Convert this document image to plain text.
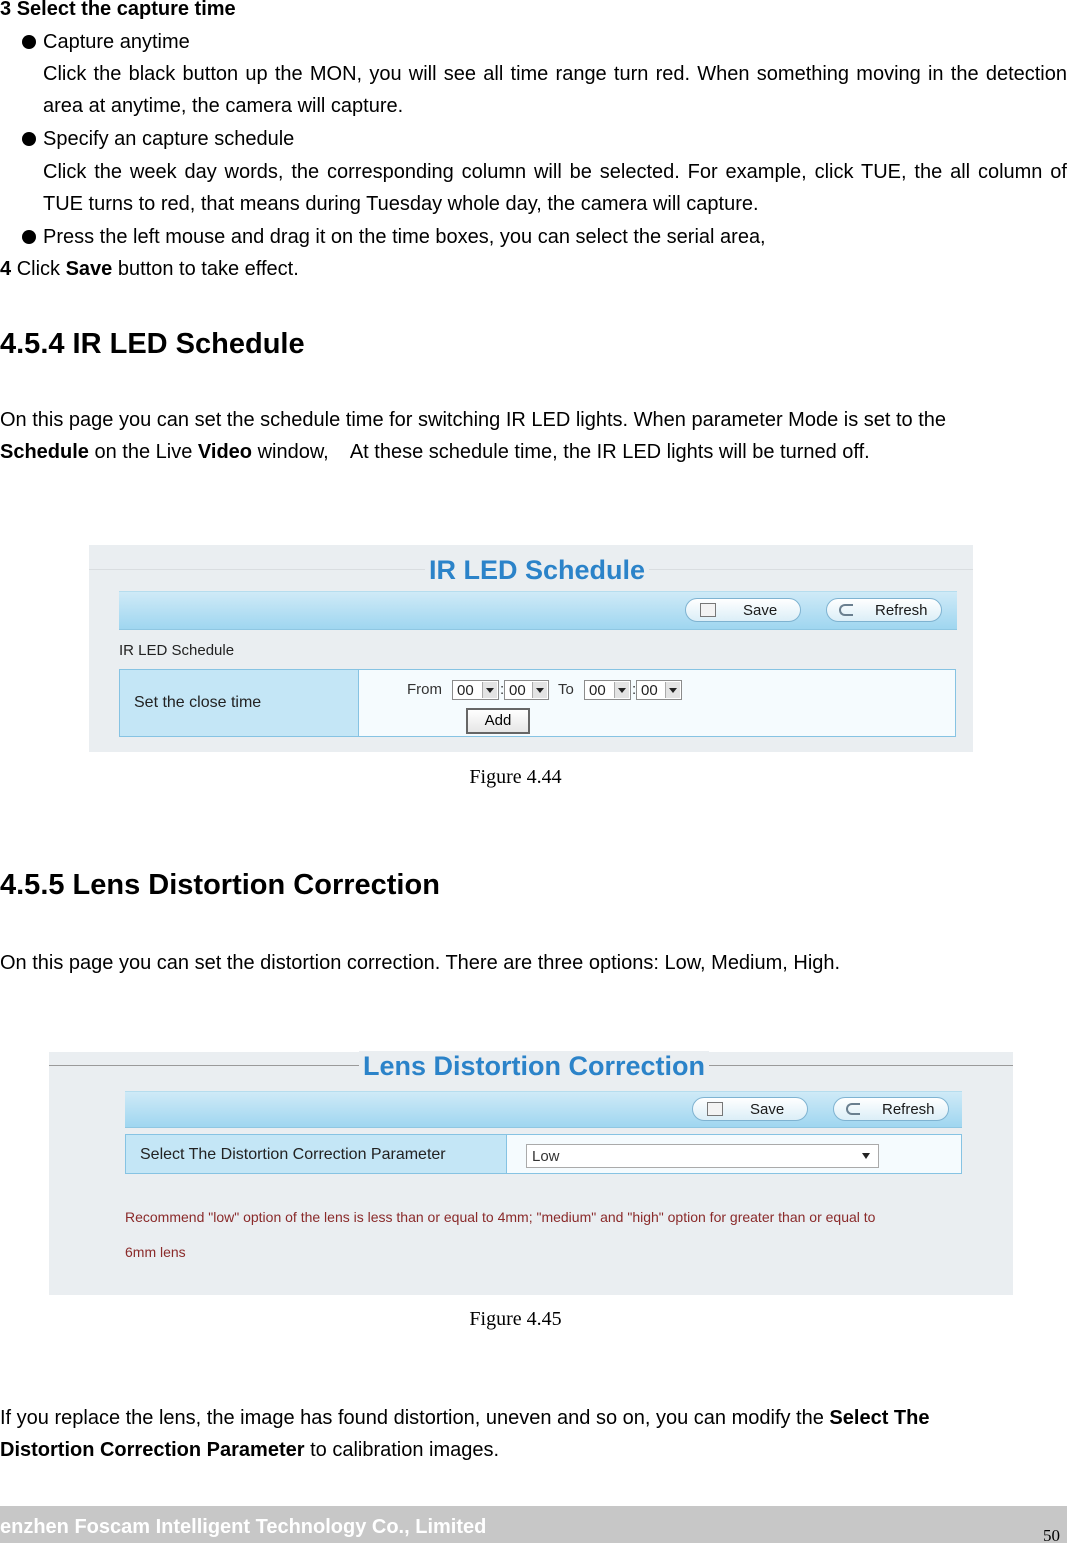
3 Select the capture time
Capture anytime
Click the black button up the MON, you will see all time range turn red. When something moving in the detection area at anytime, the camera will capture.
Specify an capture schedule
Click the week day words, the corresponding column will be selected. For example, click TUE, the all column of TUE turns to red, that means during Tuesday whole day, the camera will capture.
Press the left mouse and drag it on the time boxes, you can select the serial area,
4 Click Save button to take effect.
4.5.4 IR LED Schedule
On this page you can set the schedule time for switching IR LED lights. When parameter Mode is set to the
Schedule on the Live Video window,    At these schedule time, the IR LED lights will be turned off.
IR LED Schedule
Save	Refresh
IR LED Schedule
Set the close time
From 00 : 00 To 00 : 00
Add
Figure 4.44
4.5.5 Lens Distortion Correction
On this page you can set the distortion correction. There are three options: Low, Medium, High.
Lens Distortion Correction
Save	Refresh
Select The Distortion Correction Parameter	Low
Recommend "low" option of the lens is less than or equal to 4mm; "medium" and "high" option for greater than or equal to
6mm lens
Figure 4.45
If you replace the lens, the image has found distortion, uneven and so on, you can modify the Select The
Distortion Correction Parameter to calibration images.
enzhen Foscam Intelligent Technology Co., Limited	50
